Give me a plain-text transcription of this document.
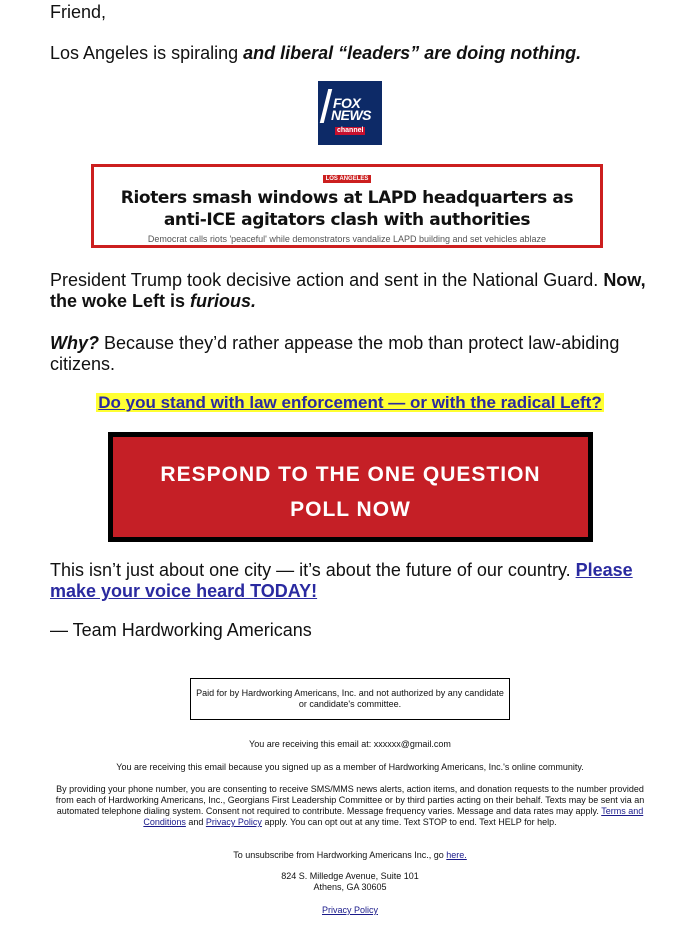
Friend,

Los Angeles is spiraling and liberal “leaders” are doing nothing.

FOX
NEWS
channel
LOS ANGELES
Rioters smash windows at LAPD headquarters as anti-ICE agitators clash with authorities
Democrat calls riots 'peaceful' while demonstrators vandalize LAPD building and set vehicles ablaze

President Trump took decisive action and sent in the National Guard. Now, the woke Left is furious.

Why? Because they’d rather appease the mob than protect law-abiding citizens.

Do you stand with law enforcement — or with the radical Left?
RESPOND TO THE ONE QUESTION
POLL NOW

This isn’t just about one city — it’s about the future of our country. Please make your voice heard TODAY!

— Team Hardworking Americans

Paid for by Hardworking Americans, Inc. and not authorized by any candidate or candidate's committee.
You are receiving this email at: xxxxxx@gmail.com
You are receiving this email because you signed up as a member of Hardworking Americans, Inc.'s online community.
By providing your phone number, you are consenting to receive SMS/MMS news alerts, action items, and donation requests to the number provided from each of Hardworking Americans, Inc., Georgians First Leadership Committee or by third parties acting on their behalf. Texts may be sent via an automated telephone dialing system. Consent not required to contribute. Message frequency varies. Message and data rates may apply. Terms and Conditions and Privacy Policy apply. You can opt out at any time. Text STOP to end. Text HELP for help.
To unsubscribe from Hardworking Americans Inc., go here.
824 S. Milledge Avenue, Suite 101
Athens, GA 30605
Privacy Policy
